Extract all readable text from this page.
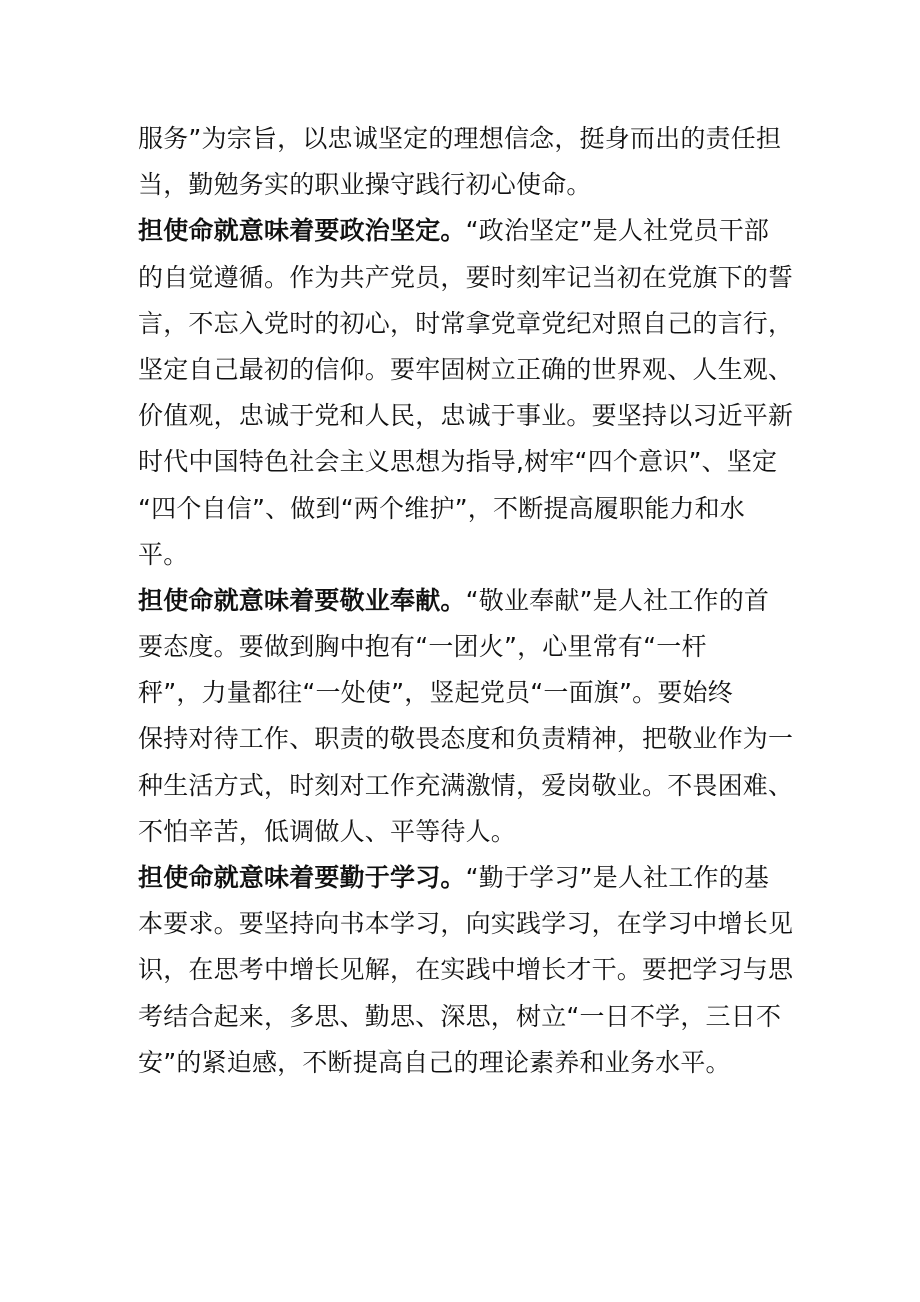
服务”为宗旨，以忠诚坚定的理想信念，挺身而出的责任担
当，勤勉务实的职业操守践行初心使命。
担使命就意味着要政治坚定。“政治坚定”是人社党员干部
的自觉遵循。作为共产党员，要时刻牢记当初在党旗下的誓
言，不忘入党时的初心，时常拿党章党纪对照自己的言行，
坚定自己最初的信仰。要牢固树立正确的世界观、人生观、
价值观，忠诚于党和人民，忠诚于事业。要坚持以习近平新
时代中国特色社会主义思想为指导,树牢“四个意识”、坚定
“四个自信”、做到“两个维护”，不断提高履职能力和水
平。
担使命就意味着要敬业奉献。“敬业奉献”是人社工作的首
要态度。要做到胸中抱有“一团火”，心里常有“一杆
秤”，力量都往“一处使”，竖起党员“一面旗”。要始终
保持对待工作、职责的敬畏态度和负责精神，把敬业作为一
种生活方式，时刻对工作充满激情，爱岗敬业。不畏困难、
不怕辛苦，低调做人、平等待人。
担使命就意味着要勤于学习。“勤于学习”是人社工作的基
本要求。要坚持向书本学习，向实践学习，在学习中增长见
识，在思考中增长见解，在实践中增长才干。要把学习与思
考结合起来，多思、勤思、深思，树立“一日不学，三日不
安”的紧迫感，不断提高自己的理论素养和业务水平。
